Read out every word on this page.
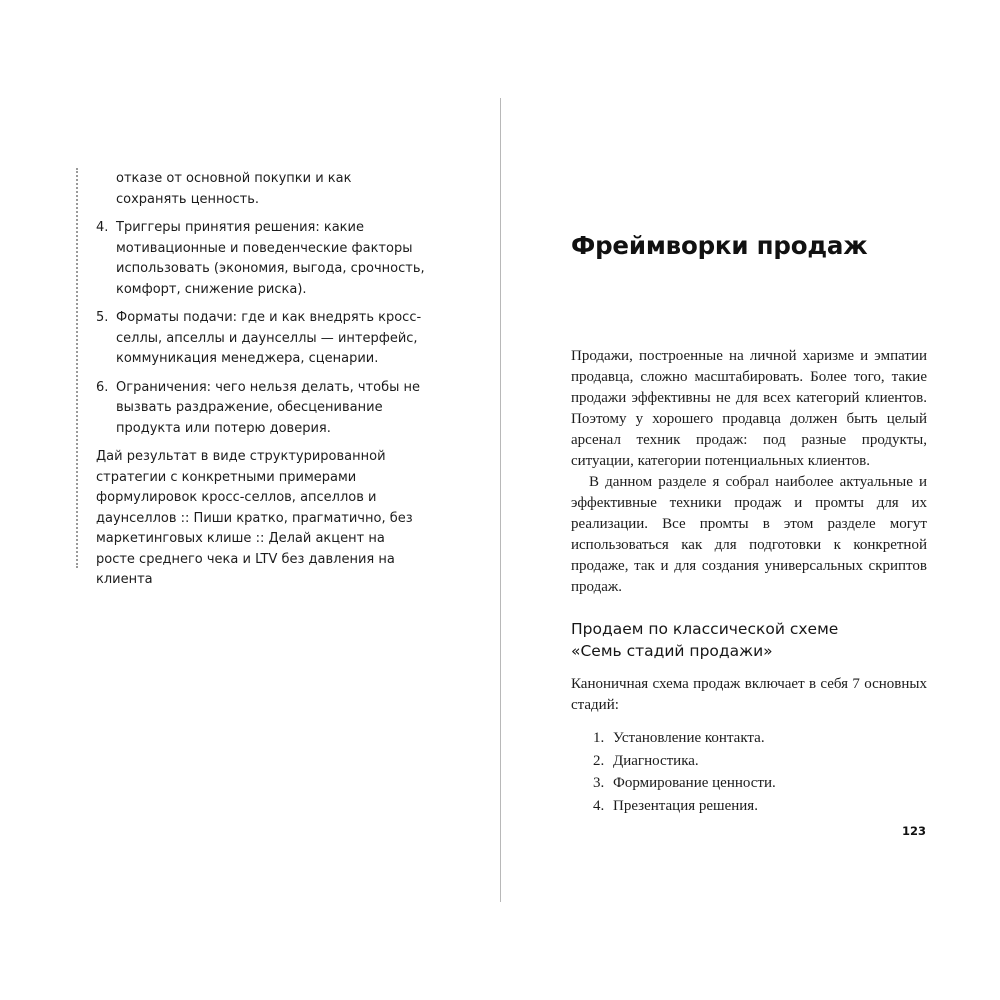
отказе от основной покупки и как сохранять ценность.

4. Триггеры принятия решения: какие мотивационные и поведенческие факторы использовать (экономия, выгода, срочность, комфорт, снижение риска).
5. Форматы подачи: где и как внедрять кросс-селлы, апселлы и даунселлы — интерфейс, коммуникация менеджера, сценарии.
6. Ограничения: чего нельзя делать, чтобы не вызвать раздражение, обесценивание продукта или потерю доверия.

Дай результат в виде структурированной стратегии с конкретными примерами формулировок кросс-селлов, апселлов и даунселлов :: Пиши кратко, прагматично, без маркетинговых клише :: Делай акцент на росте среднего чека и LTV без давления на клиента

Фреймворки продаж

Продажи, построенные на личной харизме и эмпатии продавца, сложно масштабировать. Более того, такие продажи эффективны не для всех категорий клиентов. Поэтому у хорошего продавца должен быть целый арсенал техник продаж: под разные продукты, ситуации, категории потенциальных клиентов.

В данном разделе я собрал наиболее актуальные и эффективные техники продаж и промты для их реализации. Все промты в этом разделе могут использоваться как для подготовки к конкретной продаже, так и для создания универсальных скриптов продаж.

Продаем по классической схеме
«Семь стадий продажи»

Каноничная схема продаж включает в себя 7 основных стадий:

1. Установление контакта.
2. Диагностика.
3. Формирование ценности.
4. Презентация решения.
123
